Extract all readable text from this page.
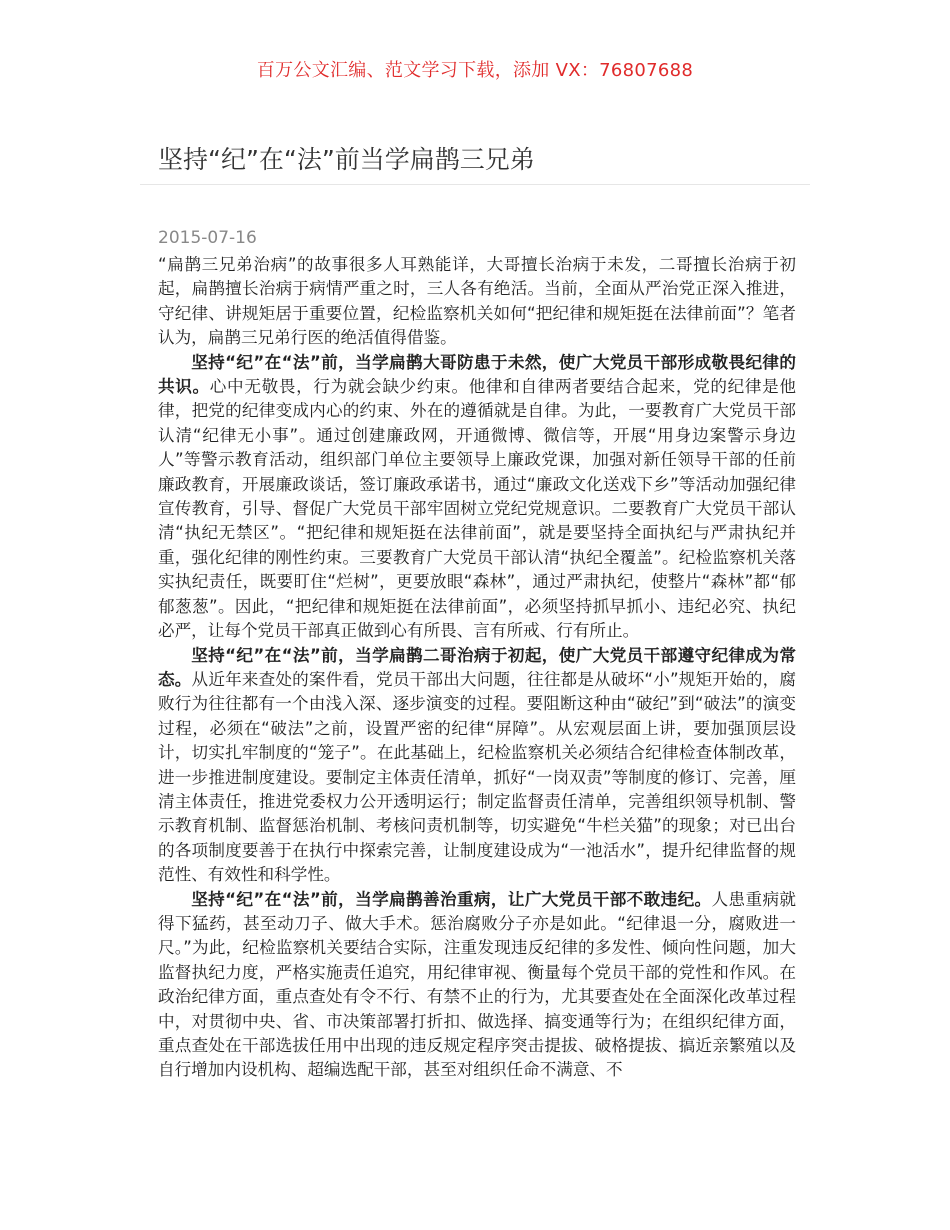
百万公文汇编、范文学习下载，添加 VX：76807688
坚持“纪”在“法”前当学扁鹊三兄弟
2015-07-16

“扁鹊三兄弟治病”的故事很多人耳熟能详，大哥擅长治病于未发，二哥擅长治病于初起，扁鹊擅长治病于病情严重之时，三人各有绝活。当前，全面从严治党正深入推进，守纪律、讲规矩居于重要位置，纪检监察机关如何“把纪律和规矩挺在法律前面”？笔者认为，扁鹊三兄弟行医的绝活值得借鉴。

坚持“纪”在“法”前，当学扁鹊大哥防患于未然，使广大党员干部形成敬畏纪律的共识。心中无敬畏，行为就会缺少约束。他律和自律两者要结合起来，党的纪律是他律，把党的纪律变成内心的约束、外在的遵循就是自律。为此，一要教育广大党员干部认清“纪律无小事”。通过创建廉政网，开通微博、微信等，开展“用身边案警示身边人”等警示教育活动，组织部门单位主要领导上廉政党课，加强对新任领导干部的任前廉政教育，开展廉政谈话，签订廉政承诺书，通过“廉政文化送戏下乡”等活动加强纪律宣传教育，引导、督促广大党员干部牢固树立党纪党规意识。二要教育广大党员干部认清“执纪无禁区”。“把纪律和规矩挺在法律前面”，就是要坚持全面执纪与严肃执纪并重，强化纪律的刚性约束。三要教育广大党员干部认清“执纪全覆盖”。纪检监察机关落实执纪责任，既要盯住“烂树”，更要放眼“森林”，通过严肃执纪，使整片“森林”都“郁郁葱葱”。因此，“把纪律和规矩挺在法律前面”，必须坚持抓早抓小、违纪必究、执纪必严，让每个党员干部真正做到心有所畏、言有所戒、行有所止。

坚持“纪”在“法”前，当学扁鹊二哥治病于初起，使广大党员干部遵守纪律成为常态。从近年来查处的案件看，党员干部出大问题，往往都是从破坏“小”规矩开始的，腐败行为往往都有一个由浅入深、逐步演变的过程。要阻断这种由“破纪”到“破法”的演变过程，必须在“破法”之前，设置严密的纪律“屏障”。从宏观层面上讲，要加强顶层设计，切实扎牢制度的“笼子”。在此基础上，纪检监察机关必须结合纪律检查体制改革，进一步推进制度建设。要制定主体责任清单，抓好“一岗双责”等制度的修订、完善，厘清主体责任，推进党委权力公开透明运行；制定监督责任清单，完善组织领导机制、警示教育机制、监督惩治机制、考核问责机制等，切实避免“牛栏关猫”的现象；对已出台的各项制度要善于在执行中探索完善，让制度建设成为“一池活水”，提升纪律监督的规范性、有效性和科学性。

坚持“纪”在“法”前，当学扁鹊善治重病，让广大党员干部不敢违纪。人患重病就得下猛药，甚至动刀子、做大手术。惩治腐败分子亦是如此。“纪律退一分，腐败进一尺。”为此，纪检监察机关要结合实际，注重发现违反纪律的多发性、倾向性问题，加大监督执纪力度，严格实施责任追究，用纪律审视、衡量每个党员干部的党性和作风。在政治纪律方面，重点查处有令不行、有禁不止的行为，尤其要查处在全面深化改革过程中，对贯彻中央、省、市决策部署打折扣、做选择、搞变通等行为；在组织纪律方面，重点查处在干部选拔任用中出现的违反规定程序突击提拔、破格提拔、搞近亲繁殖以及自行增加内设机构、超编选配干部，甚至对组织任命不满意、不
